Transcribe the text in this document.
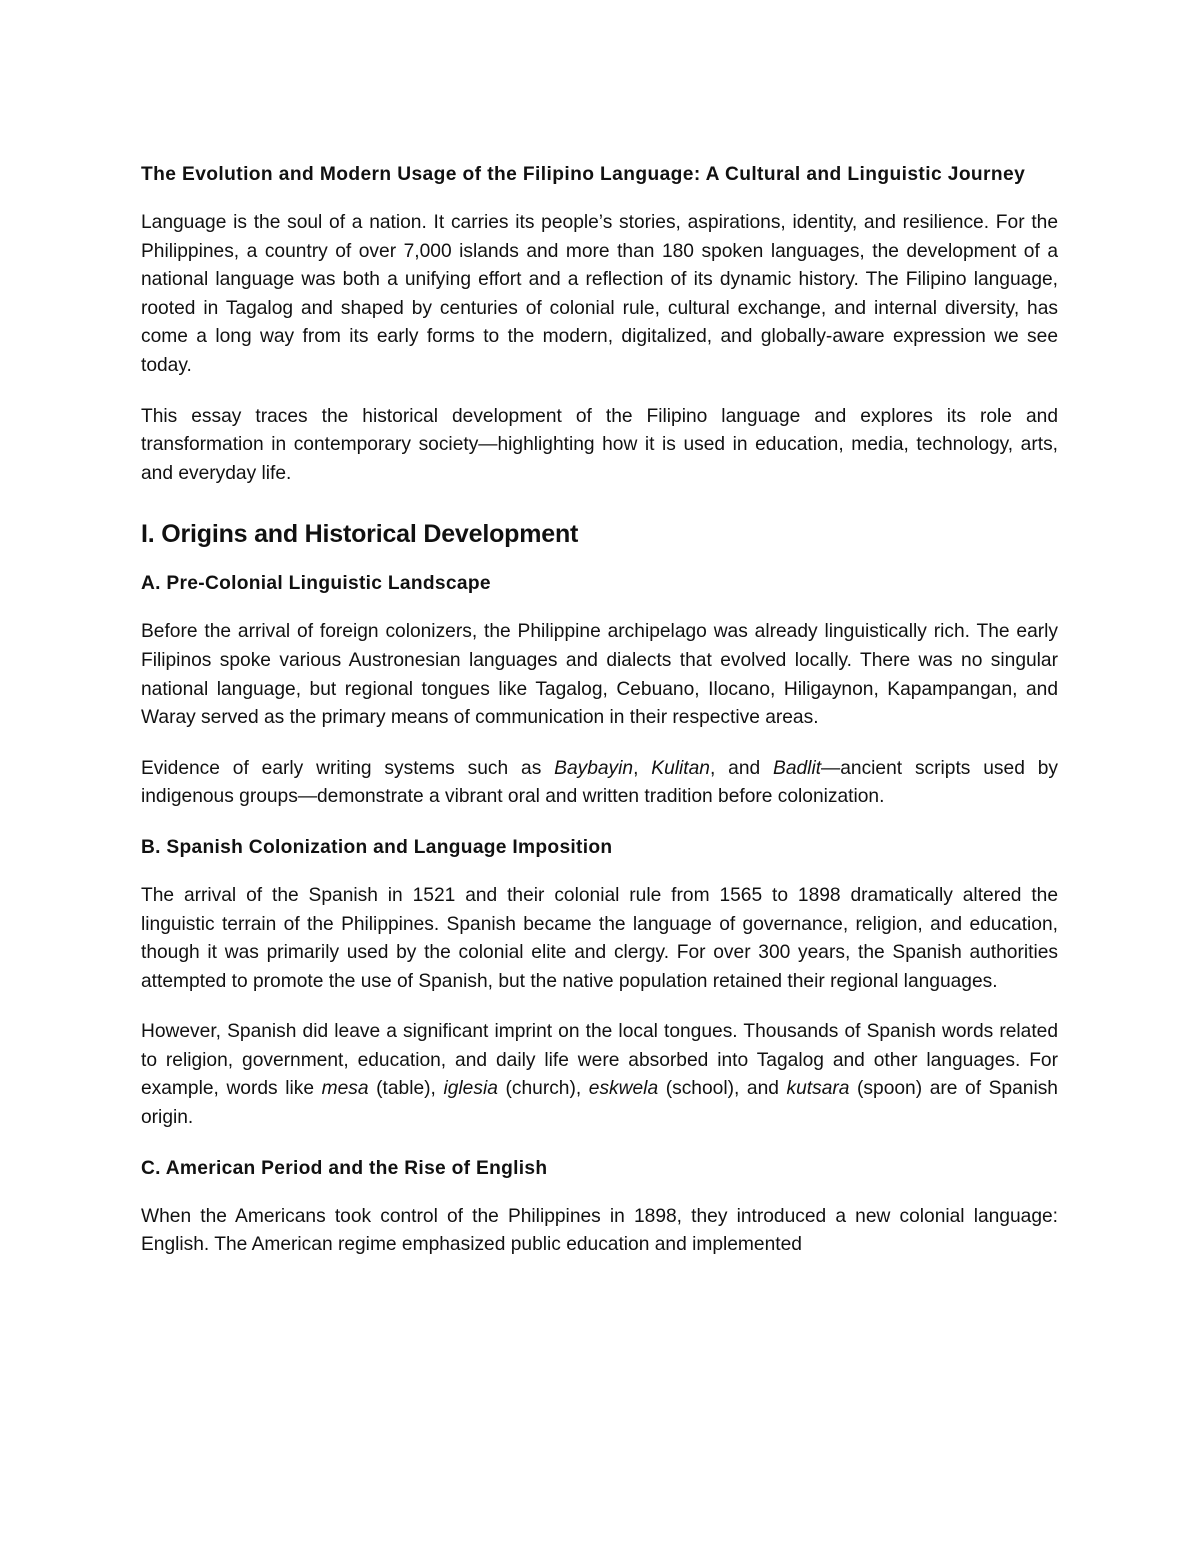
The Evolution and Modern Usage of the Filipino Language: A Cultural and Linguistic Journey

Language is the soul of a nation. It carries its people’s stories, aspirations, identity, and resilience. For the Philippines, a country of over 7,000 islands and more than 180 spoken languages, the development of a national language was both a unifying effort and a reflection of its dynamic history. The Filipino language, rooted in Tagalog and shaped by centuries of colonial rule, cultural exchange, and internal diversity, has come a long way from its early forms to the modern, digitalized, and globally-aware expression we see today.

This essay traces the historical development of the Filipino language and explores its role and transformation in contemporary society—highlighting how it is used in education, media, technology, arts, and everyday life.

I. Origins and Historical Development
A. Pre-Colonial Linguistic Landscape

Before the arrival of foreign colonizers, the Philippine archipelago was already linguistically rich. The early Filipinos spoke various Austronesian languages and dialects that evolved locally. There was no singular national language, but regional tongues like Tagalog, Cebuano, Ilocano, Hiligaynon, Kapampangan, and Waray served as the primary means of communication in their respective areas.

Evidence of early writing systems such as Baybayin, Kulitan, and Badlit—ancient scripts used by indigenous groups—demonstrate a vibrant oral and written tradition before colonization.

B. Spanish Colonization and Language Imposition

The arrival of the Spanish in 1521 and their colonial rule from 1565 to 1898 dramatically altered the linguistic terrain of the Philippines. Spanish became the language of governance, religion, and education, though it was primarily used by the colonial elite and clergy. For over 300 years, the Spanish authorities attempted to promote the use of Spanish, but the native population retained their regional languages.

However, Spanish did leave a significant imprint on the local tongues. Thousands of Spanish words related to religion, government, education, and daily life were absorbed into Tagalog and other languages. For example, words like mesa (table), iglesia (church), eskwela (school), and kutsara (spoon) are of Spanish origin.

C. American Period and the Rise of English

When the Americans took control of the Philippines in 1898, they introduced a new colonial language: English. The American regime emphasized public education and implemented
